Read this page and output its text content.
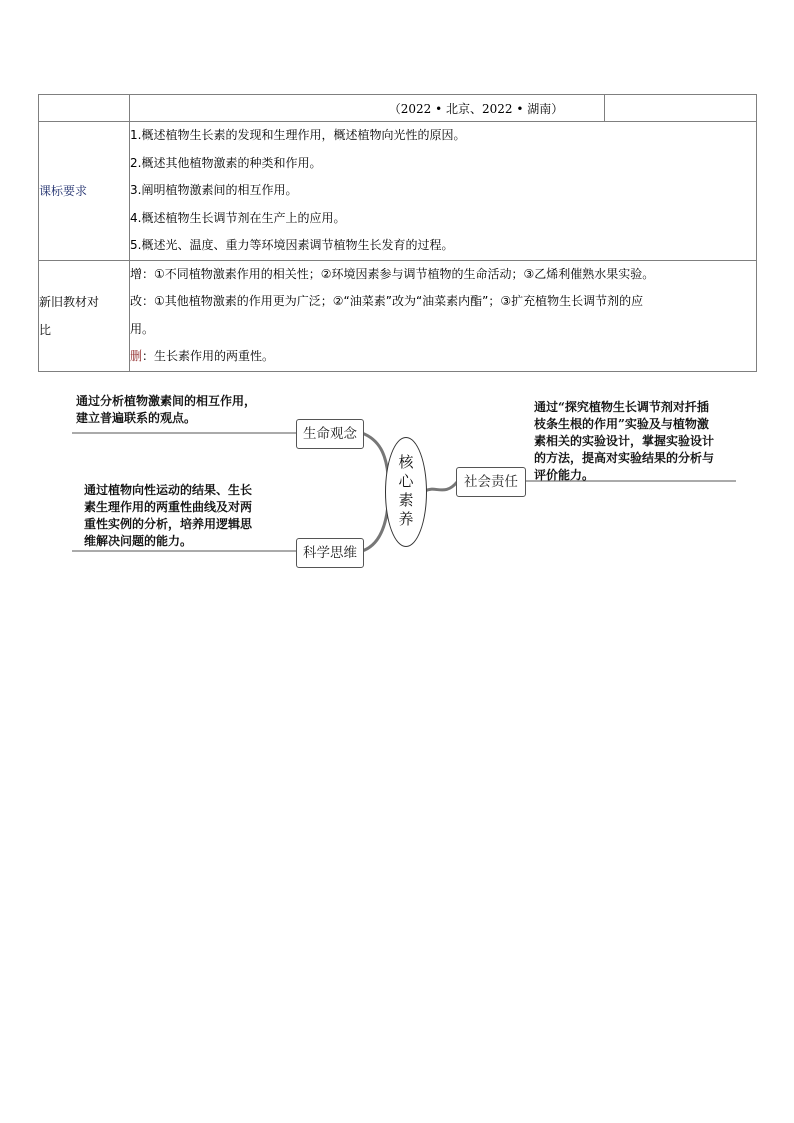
		（2022 • 北京、2022 • 湖南）	
课标要求	1.概述植物生长素的发现和生理作用，概述植物向光性的原因。
2.概述其他植物激素的种类和作用。
3.阐明植物激素间的相互作用。
4.概述植物生长调节剂在生产上的应用。
5.概述光、温度、重力等环境因素调节植物生长发育的过程。		

新旧教材对
比	增：①不同植物激素作用的相关性；②环境因素参与调节植物的生命活动；③乙烯利催熟水果实验。
改：①其他植物激素的作用更为广泛；②“油菜素”改为“油菜素内酯”；③扩充植物生长调节剂的应
用。
删：生长素作用的两重性。		
通过分析植物激素间的相互作用，
建立普遍联系的观点。
通过植物向性运动的结果、生长
素生理作用的两重性曲线及对两
重性实例的分析，培养用逻辑思
维解决问题的能力。
通过“探究植物生长调节剂对扦插
枝条生根的作用”实验及与植物激
素相关的实验设计，掌握实验设计
的方法，提高对实验结果的分析与
评价能力。
生命观念
科学思维
社会责任
核心素养
